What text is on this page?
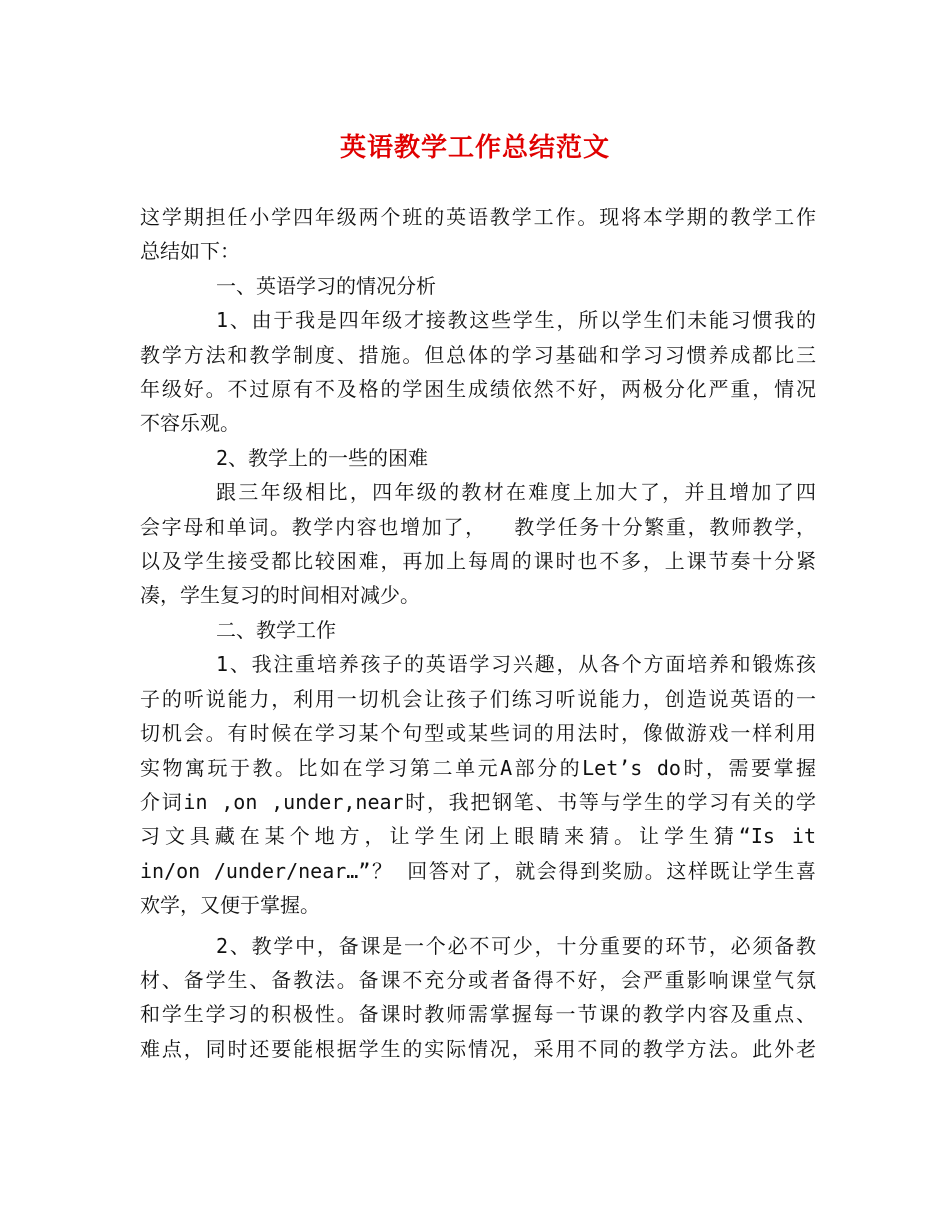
英语教学工作总结范文

这学期担任小学四年级两个班的英语教学工作。现将本学期的教学工作
总结如下：

一、英语学习的情况分析

1、由于我是四年级才接教这些学生，所以学生们未能习惯我的
教学方法和教学制度、措施。但总体的学习基础和学习习惯养成都比三
年级好。不过原有不及格的学困生成绩依然不好，两极分化严重，情况
不容乐观。

2、教学上的一些的困难

跟三年级相比，四年级的教材在难度上加大了，并且增加了四
会字母和单词。教学内容也增加了，  教学任务十分繁重，教师教学，
以及学生接受都比较困难，再加上每周的课时也不多，上课节奏十分紧
凑，学生复习的时间相对减少。

二、教学工作

1、我注重培养孩子的英语学习兴趣，从各个方面培养和锻炼孩
子的听说能力，利用一切机会让孩子们练习听说能力，创造说英语的一
切机会。有时候在学习某个句型或某些词的用法时，像做游戏一样利用
实物寓玩于教。比如在学习第二单元A部分的Let’s do时，需要掌握
介词in ,on ,under,near时，我把钢笔、书等与学生的学习有关的学
习文具藏在某个地方，让学生闭上眼睛来猜。让学生猜“Is it
in/on /under/near…”？ 回答对了，就会得到奖励。这样既让学生喜
欢学，又便于掌握。

2、教学中，备课是一个必不可少，十分重要的环节，必须备教
材、备学生、备教法。备课不充分或者备得不好，会严重影响课堂气氛
和学生学习的积极性。备课时教师需掌握每一节课的教学内容及重点、
难点，同时还要能根据学生的实际情况，采用不同的教学方法。此外老
